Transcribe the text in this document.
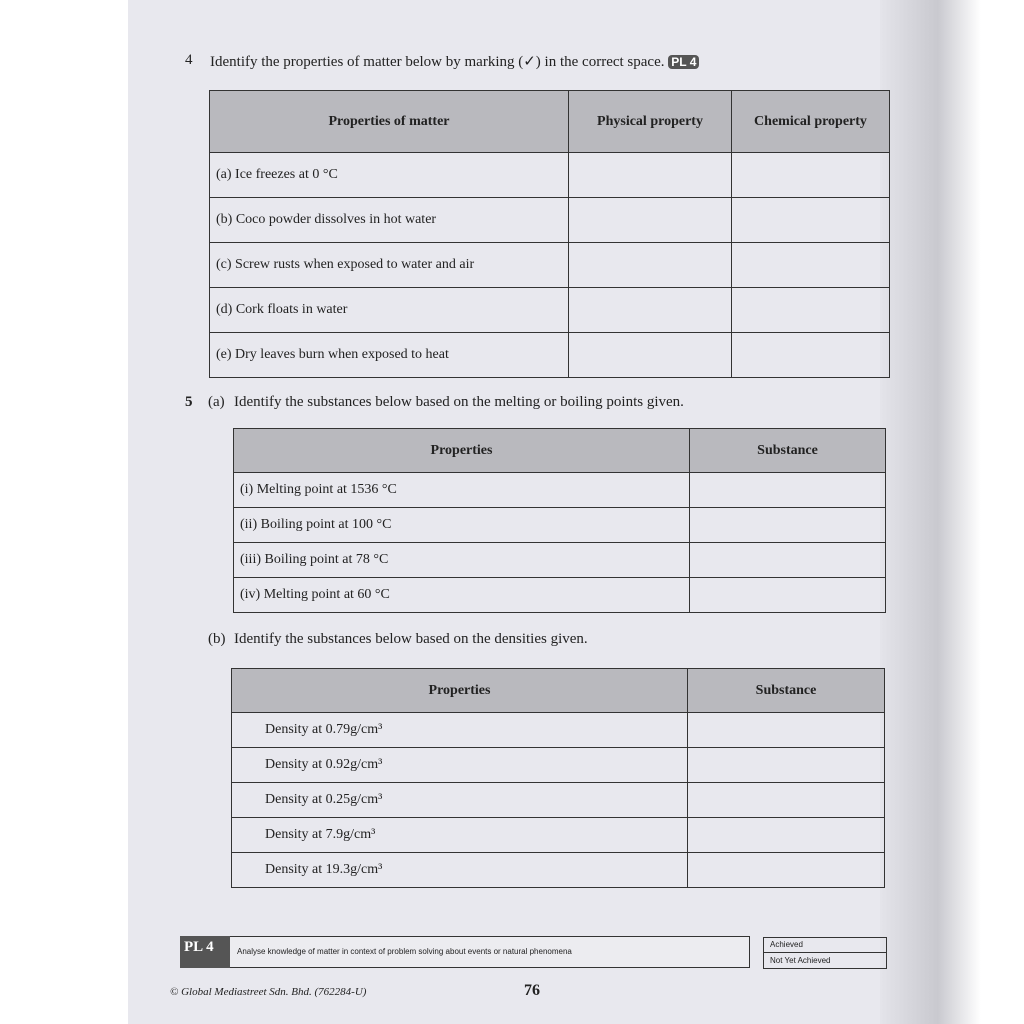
4 Identify the properties of matter below by marking (✓) in the correct space. PL 4
Properties of matter	Physical property	Chemical property
(a) Ice freezes at 0 °C		
(b) Coco powder dissolves in hot water		
(c) Screw rusts when exposed to water and air		
(d) Cork floats in water		
(e) Dry leaves burn when exposed to heat		
5 (a) Identify the substances below based on the melting or boiling points given.
Properties	Substance
(i) Melting point at 1536 °C	
(ii) Boiling point at 100 °C	
(iii) Boiling point at 78 °C	
(iv) Melting point at 60 °C	
(b) Identify the substances below based on the densities given.
Properties	Substance
Density at 0.79g/cm³	
Density at 0.92g/cm³	
Density at 0.25g/cm³	
Density at 7.9g/cm³	
Density at 19.3g/cm³	
PL 4	Analyse knowledge of matter in context of problem solving about events or natural phenomena
Achieved
Not Yet Achieved
© Global Mediastreet Sdn. Bhd. (762284-U)	76
